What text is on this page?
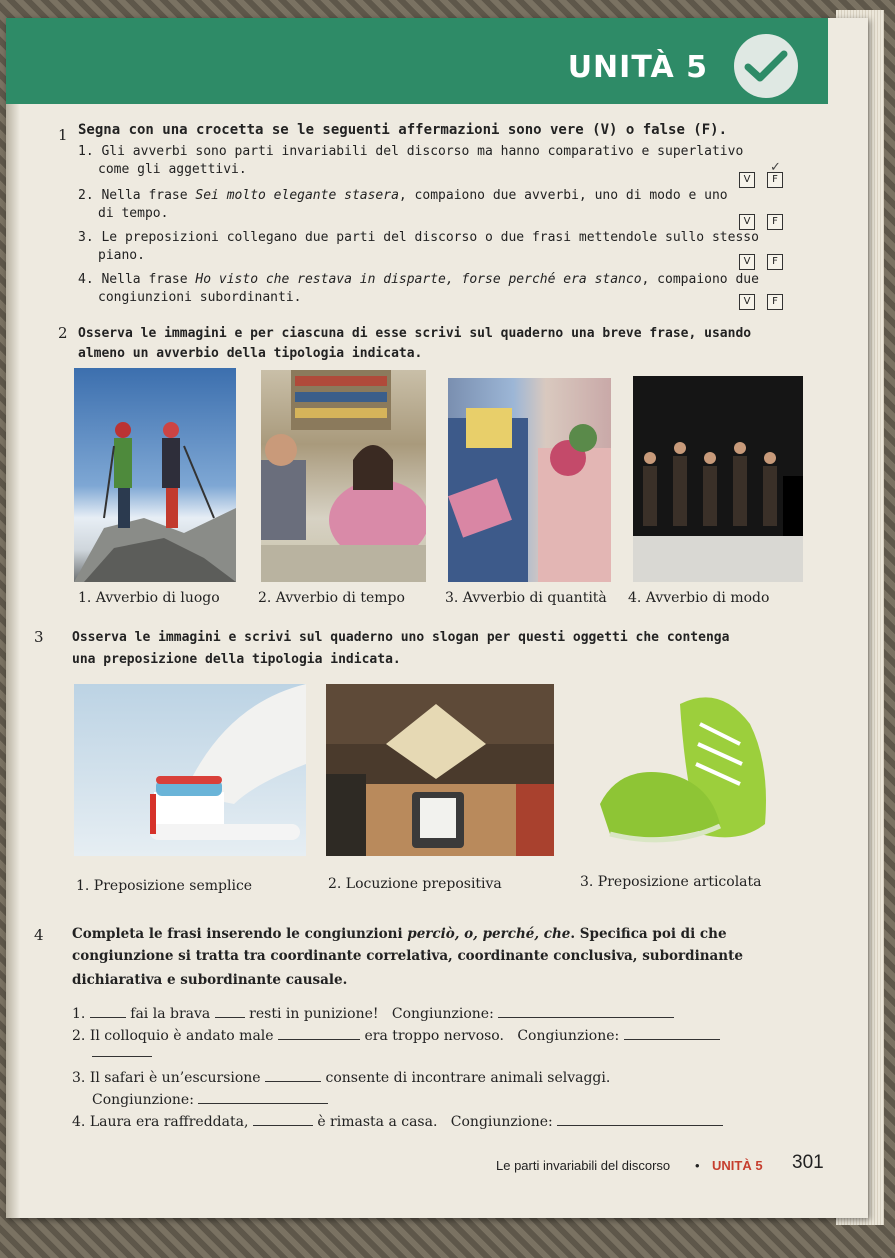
UNITÀ 5
1 Segna con una crocetta se le seguenti affermazioni sono vere (V) o false (F).
1. Gli avverbi sono parti invariabili del discorso ma hanno comparativo e superlativo
come gli aggettivi.
V	F
✓
2. Nella frase Sei molto elegante stasera, compaiono due avverbi, uno di modo e uno
di tempo.
V	F
3. Le preposizioni collegano due parti del discorso o due frasi mettendole sullo stesso
piano.	V	F
4. Nella frase Ho visto che restava in disparte, forse perché era stanco, compaiono due
congiunzioni subordinanti.	V	F
2 Osserva le immagini e per ciascuna di esse scrivi sul quaderno una breve frase, usando
almeno un avverbio della tipologia indicata.
1. Avverbio di luogo	2. Avverbio di tempo	3. Avverbio di quantità 4. Avverbio di modo
3 Osserva le immagini e scrivi sul quaderno uno slogan per questi oggetti che contenga
una preposizione della tipologia indicata.
1. Preposizione semplice	2. Locuzione prepositiva	3. Preposizione articolata
4 Completa le frasi inserendo le congiunzioni perciò, o, perché, che. Specifica poi di che
congiunzione si tratta tra coordinante correlativa, coordinante conclusiva, subordinante
dichiarativa e subordinante causale.
1.	fai la brava	resti in punizione! Congiunzione:
2. Il colloquio è andato male	era troppo nervoso. Congiunzione:
3. Il safari è un’escursione	consente di incontrare animali selvaggi.
Congiunzione:
4. Laura era raffreddata,	è rimasta a casa. Congiunzione:
Le parti invariabili del discorso • UNITÀ 5 301
